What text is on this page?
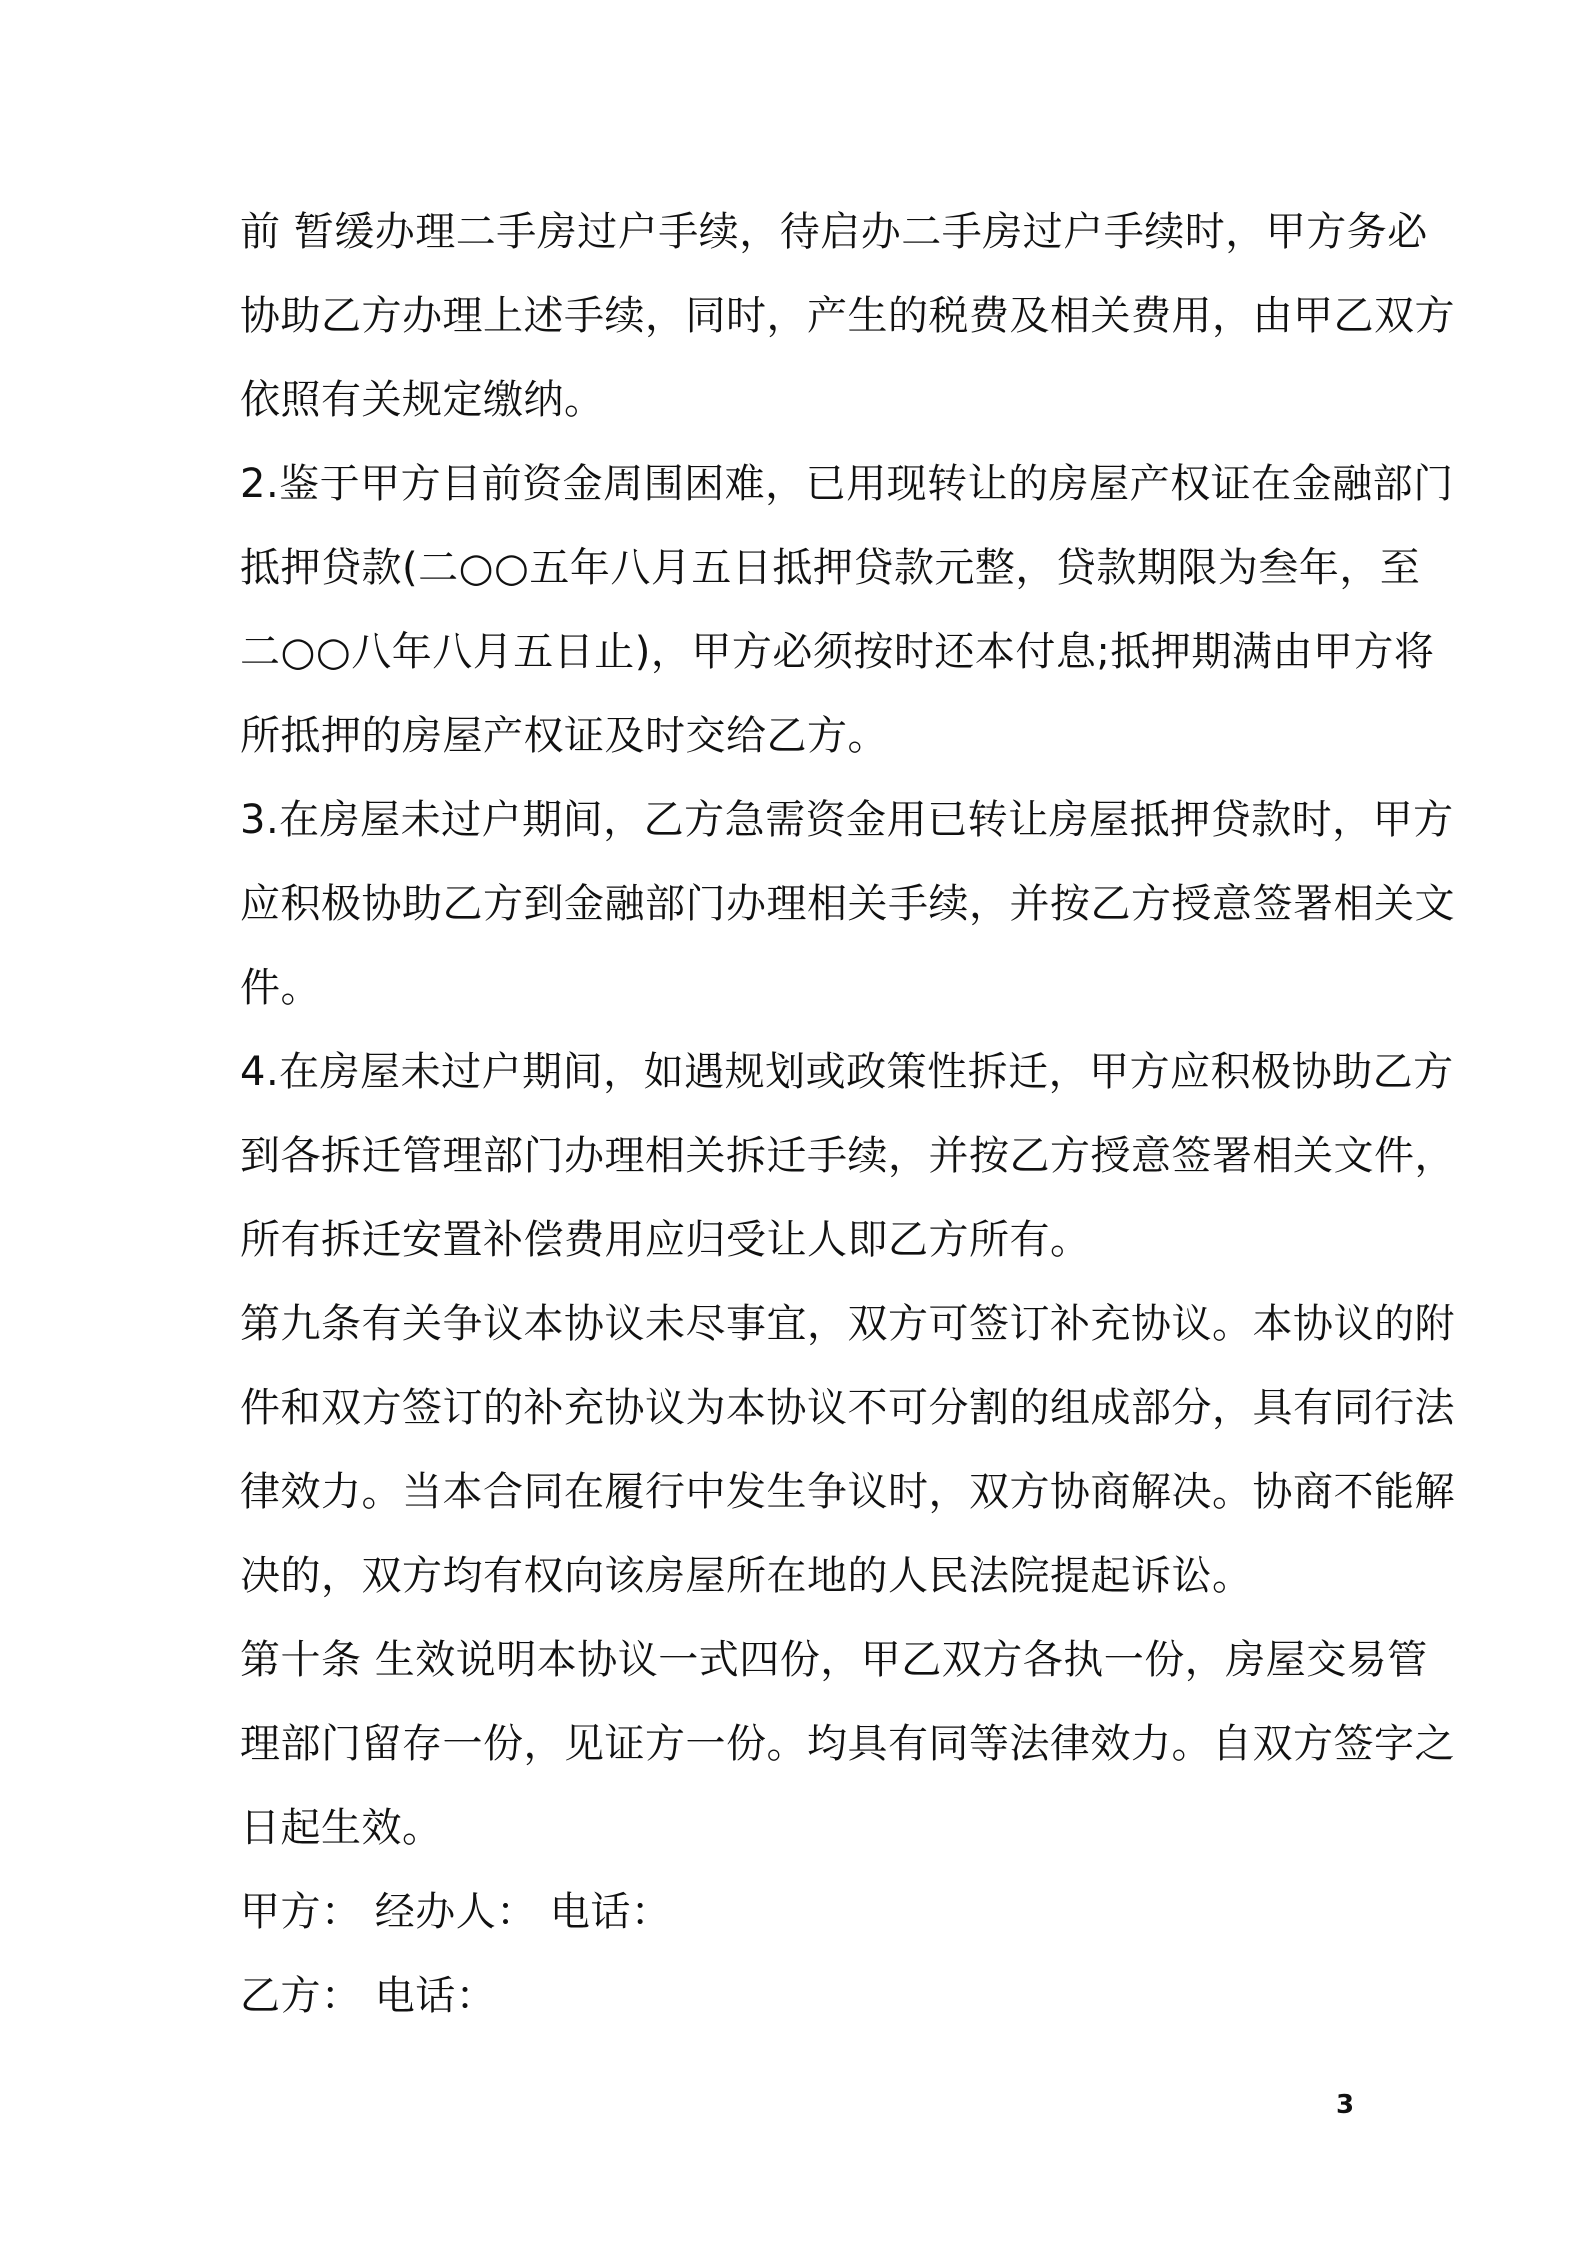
前 暂缓办理二手房过户手续，待启办二手房过户手续时，甲方务必
协助乙方办理上述手续，同时，产生的税费及相关费用，由甲乙双方
依照有关规定缴纳。
2.鉴于甲方目前资金周围困难，已用现转让的房屋产权证在金融部门
抵押贷款(二○○五年八月五日抵押贷款元整，贷款期限为叁年，至
二○○八年八月五日止)，甲方必须按时还本付息;抵押期满由甲方将
所抵押的房屋产权证及时交给乙方。
3.在房屋未过户期间，乙方急需资金用已转让房屋抵押贷款时，甲方
应积极协助乙方到金融部门办理相关手续，并按乙方授意签署相关文
件。
4.在房屋未过户期间，如遇规划或政策性拆迁，甲方应积极协助乙方
到各拆迁管理部门办理相关拆迁手续，并按乙方授意签署相关文件，
所有拆迁安置补偿费用应归受让人即乙方所有。
第九条有关争议本协议未尽事宜，双方可签订补充协议。本协议的附
件和双方签订的补充协议为本协议不可分割的组成部分，具有同行法
律效力。当本合同在履行中发生争议时，双方协商解决。协商不能解
决的，双方均有权向该房屋所在地的人民法院提起诉讼。
第十条 生效说明本协议一式四份，甲乙双方各执一份，房屋交易管
理部门留存一份，见证方一份。均具有同等法律效力。自双方签字之
日起生效。
甲方： 经办人： 电话：
乙方： 电话：
3
